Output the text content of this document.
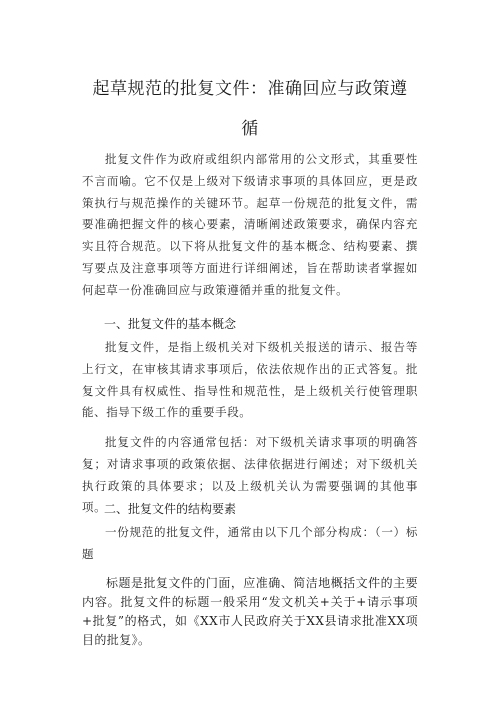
起草规范的批复文件：准确回应与政策遵
循

批复文件作为政府或组织内部常用的公文形式，其重要性不言而喻。它不仅是上级对下级请求事项的具体回应，更是政策执行与规范操作的关键环节。起草一份规范的批复文件，需要准确把握文件的核心要素，清晰阐述政策要求，确保内容充实且符合规范。以下将从批复文件的基本概念、结构要素、撰写要点及注意事项等方面进行详细阐述，旨在帮助读者掌握如何起草一份准确回应与政策遵循并重的批复文件。

一、批复文件的基本概念

批复文件，是指上级机关对下级机关报送的请示、报告等上行文，在审核其请求事项后，依法依规作出的正式答复。批复文件具有权威性、指导性和规范性，是上级机关行使管理职能、指导下级工作的重要手段。

批复文件的内容通常包括：对下级机关请求事项的明确答复；对请求事项的政策依据、法律依据进行阐述；对下级机关执行政策的具体要求；以及上级机关认为需要强调的其他事项。

二、批复文件的结构要素

一份规范的批复文件，通常由以下几个部分构成：（一）标题

标题是批复文件的门面，应准确、简洁地概括文件的主要内容。批复文件的标题一般采用“发文机关+关于+请示事项+批复”的格式，如《XX市人民政府关于XX县请求批准XX项目的批复》。
